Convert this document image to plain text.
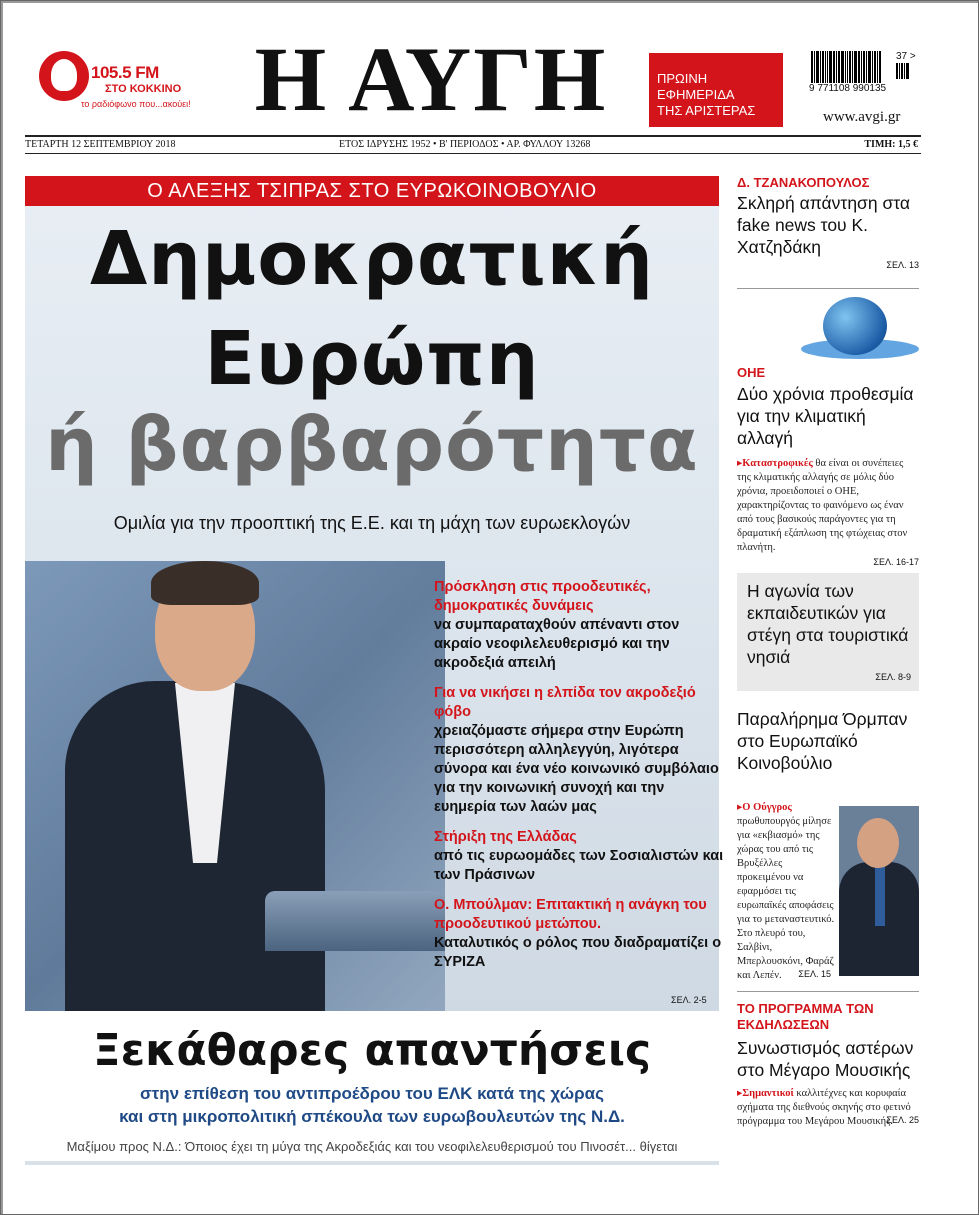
105.5 FM
ΣΤΟ ΚΟΚΚΙΝΟ
το ραδιόφωνο που...ακούει! Η ΑΥΓΗ	ΠΡΩΙΝΗ
ΕΦΗΜΕΡΙΔΑ
ΤΗΣ ΑΡΙΣΤΕΡΑΣ
9 771108 990135
37 >
www.avgi.gr
ΤΕΤΑΡΤΗ 12 ΣΕΠΤΕΜΒΡΙΟΥ 2018	ΕΤΟΣ ΙΔΡΥΣΗΣ 1952 • Β' ΠΕΡΙΟΔΟΣ • ΑΡ. ΦΥΛΛΟΥ 13268	ΤΙΜΗ: 1,5 €
Ο ΑΛΕΞΗΣ ΤΣΙΠΡΑΣ ΣΤΟ ΕΥΡΩΚΟΙΝΟΒΟΥΛΙΟ
Δημοκρατική
Ευρώπη
ή βαρβαρότητα
Ομιλία για την προοπτική της Ε.Ε. και τη μάχη των ευρωεκλογών
Πρόσκληση στις προοδευτικές, δημοκρατικές δυνάμεις
να συμπαραταχθούν απέναντι στον ακραίο νεοφιλελευθερισμό και την ακροδεξιά απειλή
Για να νικήσει η ελπίδα τον ακροδεξιό φόβο
χρειαζόμαστε σήμερα στην Ευρώπη περισσότερη αλληλεγγύη, λιγότερα σύνορα και ένα νέο κοινωνικό συμβόλαιο για την κοινωνική συνοχή και την ευημερία των λαών μας
Στήριξη της Ελλάδας
από τις ευρωομάδες των Σοσιαλιστών και των Πράσινων
Ο. Μπούλμαν: Επιτακτική η ανάγκη του προοδευτικού μετώπου.
Καταλυτικός ο ρόλος που διαδραματίζει ο ΣΥΡΙΖΑ
ΣΕΛ. 2-5
Ξεκάθαρες απαντήσεις
στην επίθεση του αντιπροέδρου του ΕΛΚ κατά της χώρας
και στη μικροπολιτική σπέκουλα των ευρωβουλευτών της Ν.Δ.
Μαξίμου προς Ν.Δ.: Όποιος έχει τη μύγα της Ακροδεξιάς και του νεοφιλελευθερισμού του Πινοσέτ... θίγεται
Δ. ΤΖΑΝΑΚΟΠΟΥΛΟΣ
Σκληρή απάντηση στα fake news του Κ. Χατζηδάκη
ΣΕΛ. 13
ΟΗΕ
Δύο χρόνια προθεσμία για την κλιματική αλλαγή
▸Καταστροφικές θα είναι οι συνέπειες της κλιματικής αλλαγής σε μόλις δύο χρόνια, προειδοποιεί ο ΟΗΕ, χαρακτηρίζοντας το φαινόμενο ως έναν από τους βασικούς παράγοντες για τη δραματική εξάπλωση της φτώχειας στον πλανήτη.
ΣΕΛ. 16-17
Η αγωνία των εκπαιδευτικών για στέγη στα τουριστικά νησιά
ΣΕΛ. 8-9
Παραλήρημα Όρμπαν στο Ευρωπαϊκό Κοινοβούλιο
▸Ο Ούγγρος πρωθυπουργός μίλησε για «εκβιασμό» της χώρας του από τις Βρυξέλλες προκειμένου να εφαρμόσει τις ευρωπαϊκές αποφάσεις για το μεταναστευτικό. Στο πλευρό του, Σαλβίνι, Μπερλουσκόνι, Φαράζ και Λεπέν.	ΣΕΛ. 15
ΤΟ ΠΡΟΓΡΑΜΜΑ ΤΩΝ ΕΚΔΗΛΩΣΕΩΝ
Συνωστισμός αστέρων στο Μέγαρο Μουσικής
▸Σημαντικοί καλλιτέχνες και κορυφαία σχήματα της διεθνούς σκηνής στο φετινό πρόγραμμα του Μεγάρου Μουσικής.
ΣΕΛ. 25
